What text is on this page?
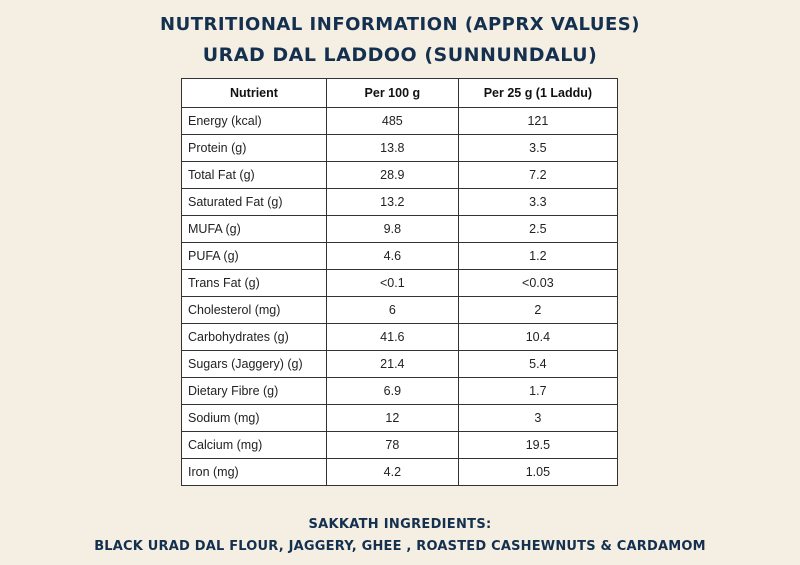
NUTRITIONAL INFORMATION (APPRX VALUES)
URAD DAL LADDOO (SUNNUNDALU)
Nutrient	Per 100 g	Per 25 g (1 Laddu)
Energy (kcal)	485	121
Protein (g)	13.8	3.5
Total Fat (g)	28.9	7.2
Saturated Fat (g)	13.2	3.3
MUFA (g)	9.8	2.5
PUFA (g)	4.6	1.2
Trans Fat (g)	<0.1	<0.03
Cholesterol (mg)	6	2
Carbohydrates (g)	41.6	10.4
Sugars (Jaggery) (g)	21.4	5.4
Dietary Fibre (g)	6.9	1.7
Sodium (mg)	12	3
Calcium (mg)	78	19.5
Iron (mg)	4.2	1.05
SAKKATH INGREDIENTS:
BLACK URAD DAL FLOUR, JAGGERY, GHEE , ROASTED CASHEWNUTS & CARDAMOM
